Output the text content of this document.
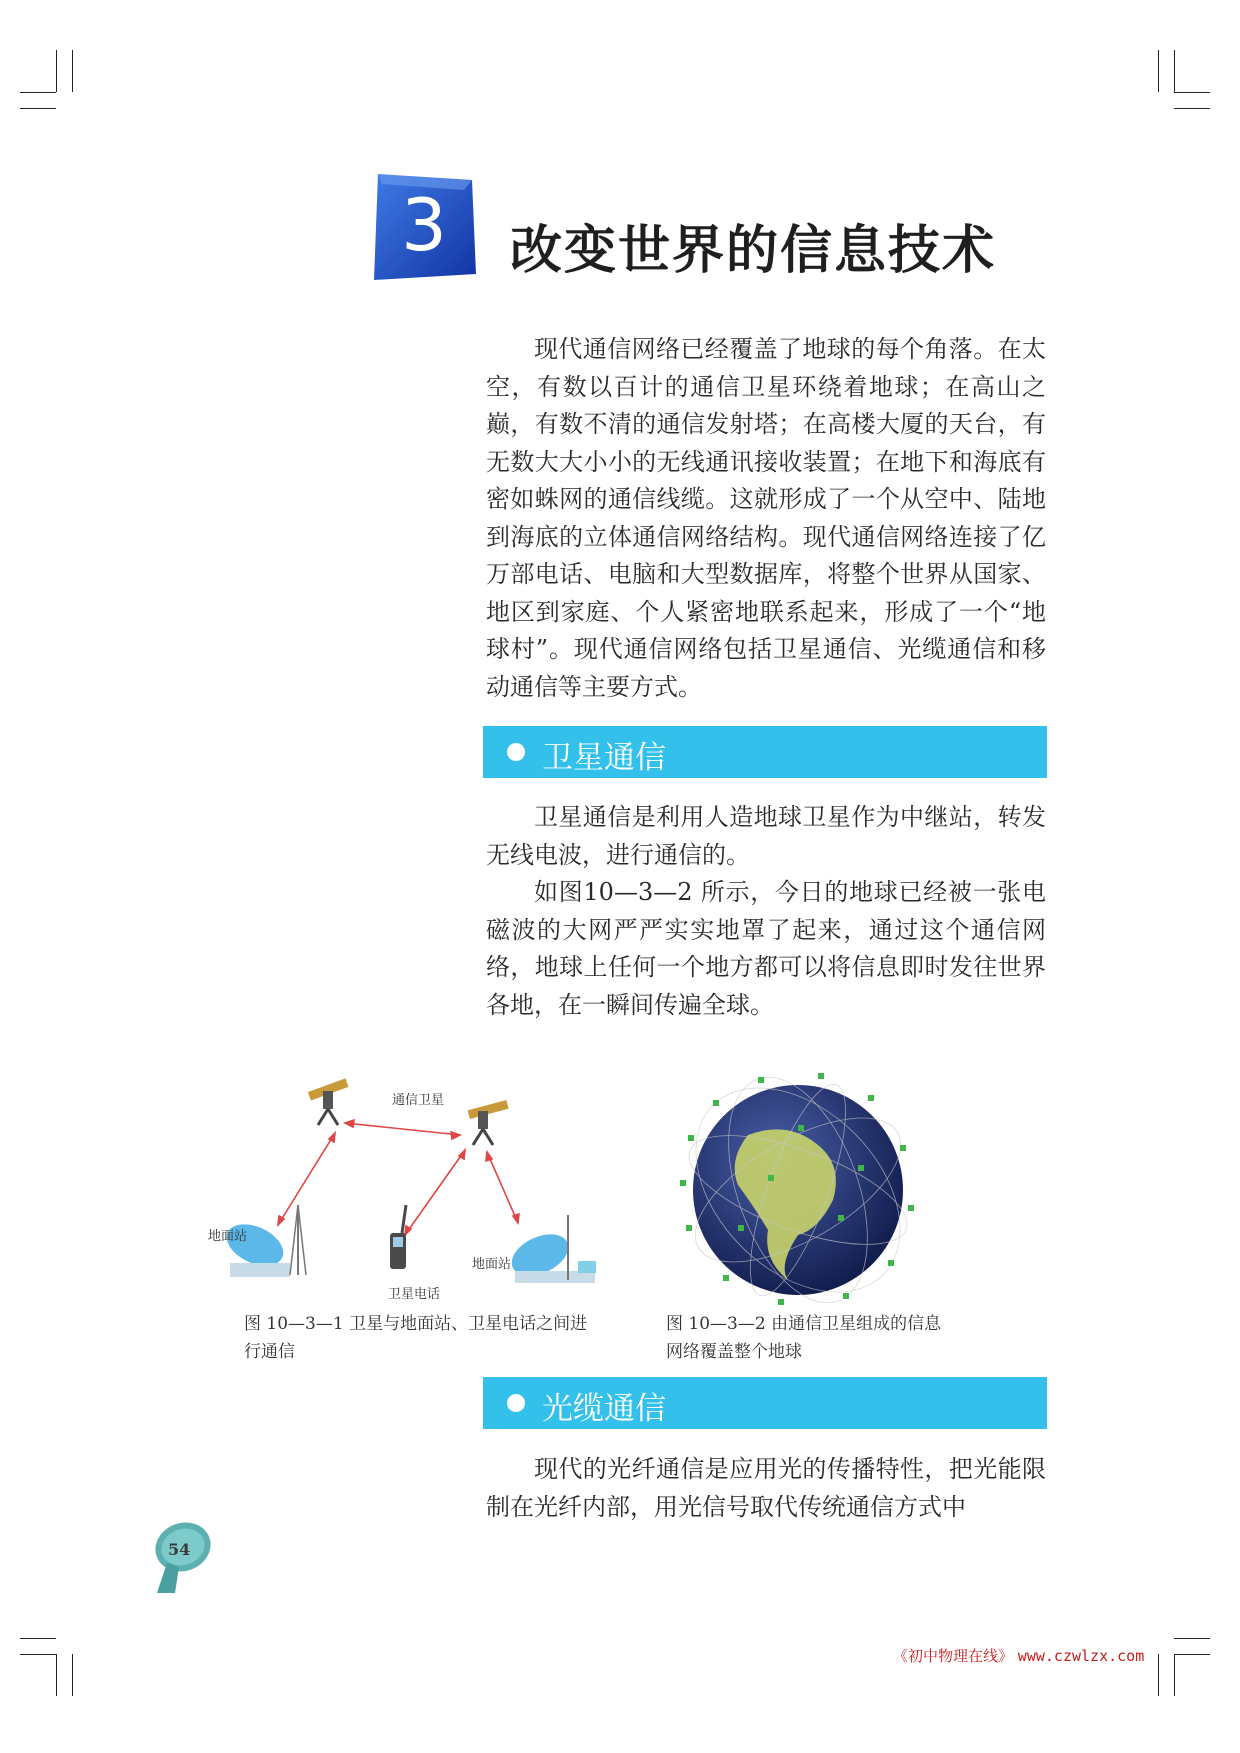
3 改变世界的信息技术

现代通信网络已经覆盖了地球的每个角落。在太空，有数以百计的通信卫星环绕着地球；在高山之巅，有数不清的通信发射塔；在高楼大厦的天台，有无数大大小小的无线通讯接收装置；在地下和海底有密如蛛网的通信线缆。这就形成了一个从空中、陆地到海底的立体通信网络结构。现代通信网络连接了亿万部电话、电脑和大型数据库，将整个世界从国家、地区到家庭、个人紧密地联系起来，形成了一个“地球村”。现代通信网络包括卫星通信、光缆通信和移动通信等主要方式。

卫星通信

卫星通信是利用人造地球卫星作为中继站，转发无线电波，进行通信的。

如图10—3—2 所示，今日的地球已经被一张电磁波的大网严严实实地罩了起来，通过这个通信网络，地球上任何一个地方都可以将信息即时发往世界各地，在一瞬间传遍全球。

通信卫星
地面站
地面站
卫星电话

图 10—3—1 卫星与地面站、卫星电话之间进行通信

图 10—3—2 由通信卫星组成的信息网络覆盖整个地球

光缆通信

现代的光纤通信是应用光的传播特性，把光能限制在光纤内部，用光信号取代传统通信方式中

54
《初中物理在线》 www.czwlzx.com
